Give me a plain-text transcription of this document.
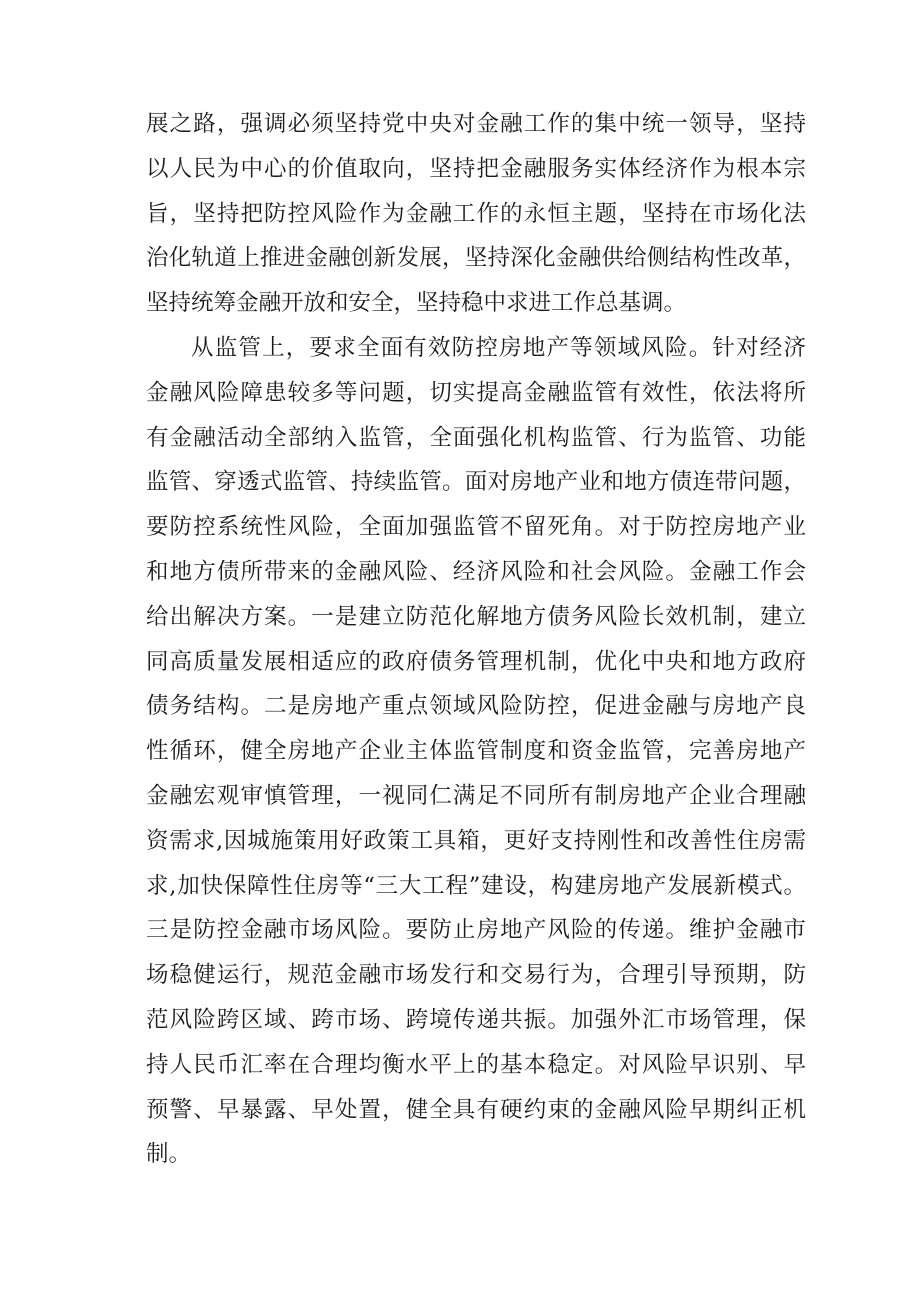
展之路，强调必须坚持党中央对金融工作的集中统一领导，坚持
以人民为中心的价值取向，坚持把金融服务实体经济作为根本宗
旨，坚持把防控风险作为金融工作的永恒主题，坚持在市场化法
治化轨道上推进金融创新发展，坚持深化金融供给侧结构性改革，
坚持统筹金融开放和安全，坚持稳中求进工作总基调。
从监管上，要求全面有效防控房地产等领域风险。针对经济
金融风险障患较多等问题，切实提高金融监管有效性，依法将所
有金融活动全部纳入监管，全面强化机构监管、行为监管、功能
监管、穿透式监管、持续监管。面对房地产业和地方债连带问题，
要防控系统性风险，全面加强监管不留死角。对于防控房地产业
和地方债所带来的金融风险、经济风险和社会风险。金融工作会
给出解决方案。一是建立防范化解地方债务风险长效机制，建立
同高质量发展相适应的政府债务管理机制，优化中央和地方政府
债务结构。二是房地产重点领域风险防控，促进金融与房地产良
性循环，健全房地产企业主体监管制度和资金监管，完善房地产
金融宏观审慎管理，一视同仁满足不同所有制房地产企业合理融
资需求,因城施策用好政策工具箱，更好支持刚性和改善性住房需
求,加快保障性住房等“三大工程”建设，构建房地产发展新模式。
三是防控金融市场风险。要防止房地产风险的传递。维护金融市
场稳健运行，规范金融市场发行和交易行为，合理引导预期，防
范风险跨区域、跨市场、跨境传递共振。加强外汇市场管理，保
持人民币汇率在合理均衡水平上的基本稳定。对风险早识别、早
预警、早暴露、早处置，健全具有硬约束的金融风险早期纠正机
制。
